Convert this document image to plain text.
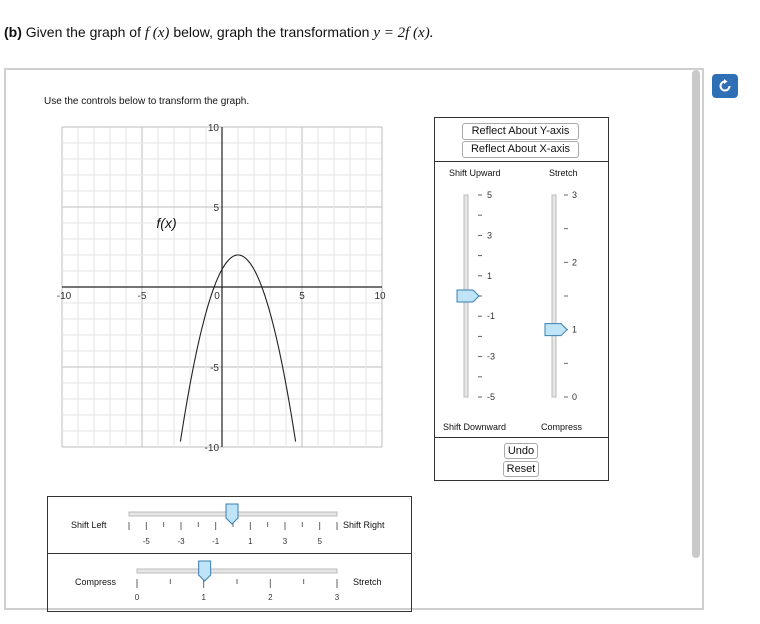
(b) Given the graph of f (x) below, graph the transformation y = 2f (x).
Use the controls below to transform the graph.
-10	-5	0	5	10
10
5
-5
-10
f(x)
Reflect About Y-axis
Reflect About X-axis
Shift Upward	Stretch
Shift Downward	Compress
5
3
1
-1
-3
-5
3
2
1
0
Undo
Reset
Shift Left	Shift Right
Compress	Stretch
-5	-3	-1	1	3	5
0	1	2	3
